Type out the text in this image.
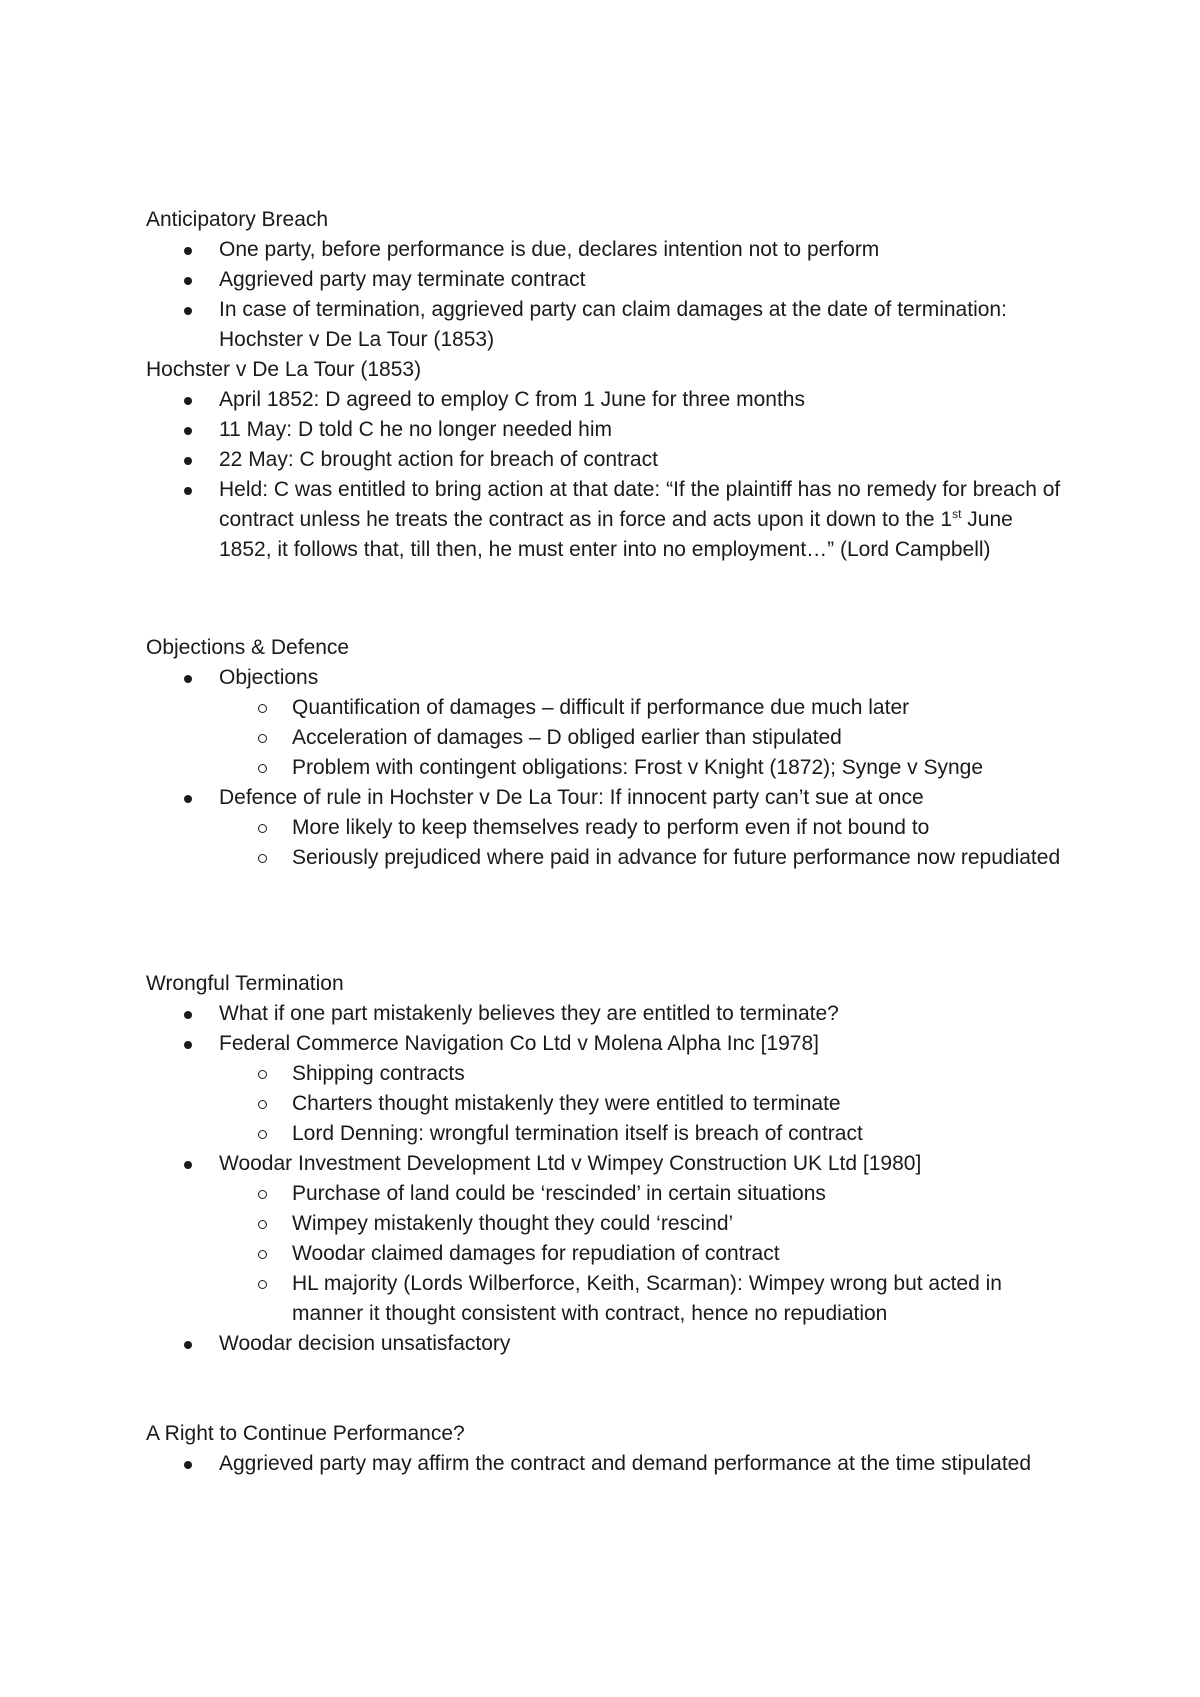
Anticipatory Breach
One party, before performance is due, declares intention not to perform
Aggrieved party may terminate contract
In case of termination, aggrieved party can claim damages at the date of termination: Hochster v De La Tour (1853)
Hochster v De La Tour (1853)
April 1852: D agreed to employ C from 1 June for three months
11 May: D told C he no longer needed him
22 May: C brought action for breach of contract
Held: C was entitled to bring action at that date: “If the plaintiff has no remedy for breach of contract unless he treats the contract as in force and acts upon it down to the 1st June 1852, it follows that, till then, he must enter into no employment…” (Lord Campbell)
Objections & Defence
Objections
Quantification of damages – difficult if performance due much later
Acceleration of damages – D obliged earlier than stipulated
Problem with contingent obligations: Frost v Knight (1872); Synge v Synge
Defence of rule in Hochster v De La Tour: If innocent party can’t sue at once
More likely to keep themselves ready to perform even if not bound to
Seriously prejudiced where paid in advance for future performance now repudiated
Wrongful Termination
What if one part mistakenly believes they are entitled to terminate?
Federal Commerce Navigation Co Ltd v Molena Alpha Inc [1978]
Shipping contracts
Charters thought mistakenly they were entitled to terminate
Lord Denning: wrongful termination itself is breach of contract
Woodar Investment Development Ltd v Wimpey Construction UK Ltd [1980]
Purchase of land could be ‘rescinded’ in certain situations
Wimpey mistakenly thought they could ‘rescind’
Woodar claimed damages for repudiation of contract
HL majority (Lords Wilberforce, Keith, Scarman): Wimpey wrong but acted in manner it thought consistent with contract, hence no repudiation
Woodar decision unsatisfactory
A Right to Continue Performance?
Aggrieved party may affirm the contract and demand performance at the time stipulated
